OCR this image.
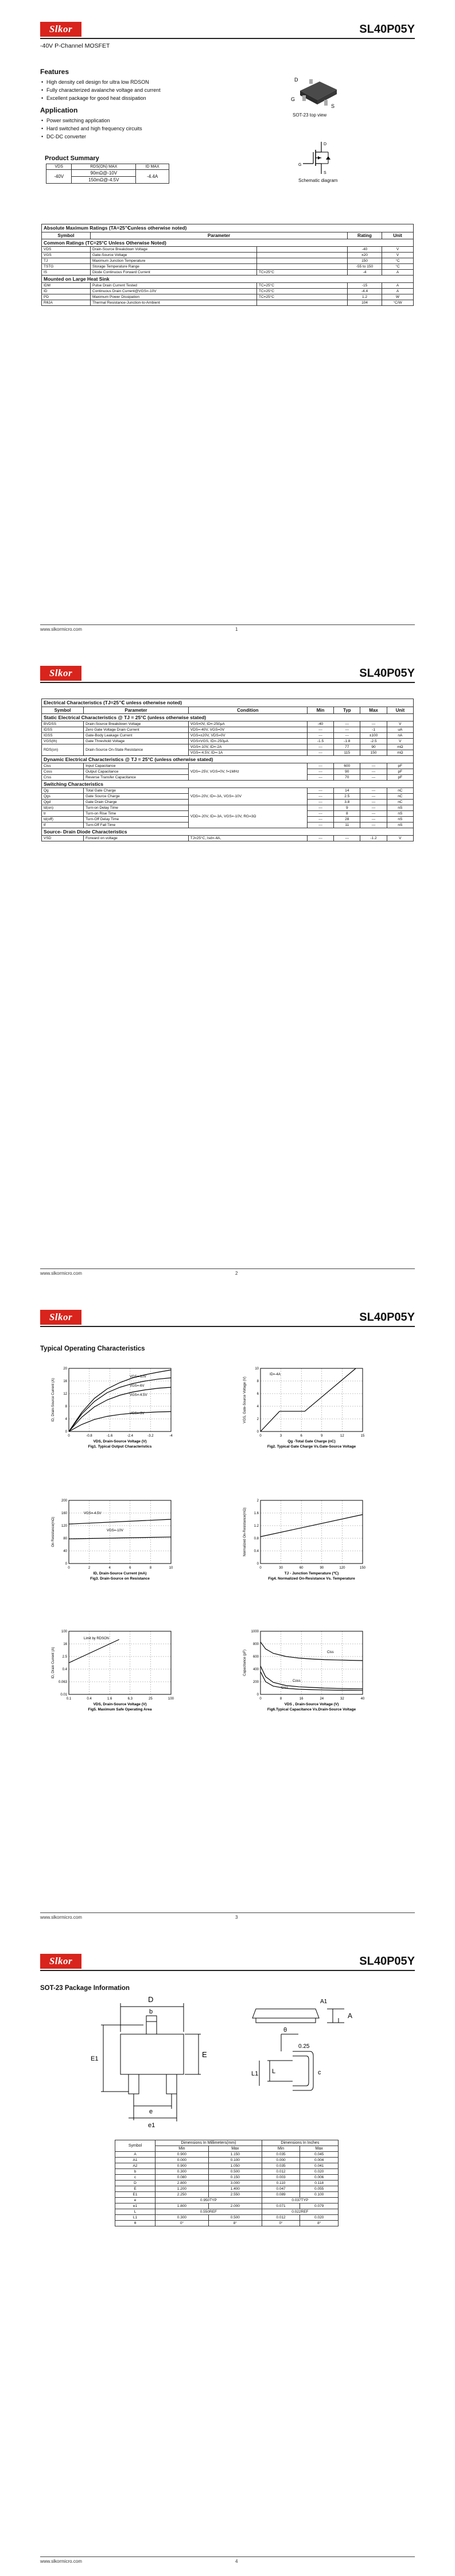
Slkor	SL40P05Y
-40V P-Channel MOSFET
Features
• High density cell design for ultra low RDSON
• Fully characterized avalanche voltage and current
• Excellent package for good heat dissipation
Application
• Power switching application
• Hard switched and high frequency circuits
• DC-DC converter
D
G
S
SOT-23 top view
D
G
S
Schematic diagram
Product Summary
VDS	RDS(ON) MAX	ID MAX
-40V	90mΩ@-10V	-4.4A
	150mΩ@-4.5V	
Absolute Maximum Ratings (TA=25℃unless otherwise noted)				
Symbol	Parameter		Rating	Unit
Common Ratings (TC=25°C Unless Otherwise Noted)				
VDS	Drain-Source Breakdown Voltage		-40	V
VGS	Gate-Source Voltage		±20	V
TJ	Maximum Junction Temperature		150	°C
TSTG	Storage Temperature Range		-55 to 150	°C
IS	Diode Continuous Forward Current	TC=25°C	-4	A
Mounted on Large Heat Sink				
IDM	Pulse Drain Current Tested	TC=25°C	-15	A
ID	Continuous Drain Current@VGS=-10V	TC=25°C	-4.4	A
PD	Maximum Power Dissipation	TC=25°C	1.2	W
RθJA	Thermal Resistance-Junction-to-Ambient		104	°C/W
www.slkormicro.com	1
Slkor	SL40P05Y
Electrical Characteristics (TJ=25℃ unless otherwise noted)						
Symbol	Parameter	Condition	Min	Typ	Max	Unit
Static Electrical Characteristics @ TJ = 25°C (unless otherwise stated)						
BVDSS	Drain-Source Breakdown Voltage	VGS=0V, ID=-250μA	-40	---	---	V
IDSS	Zero Gate Voltage Drain Current	VDS=-40V, VGS=0V	---	---	-1	uA
IGSS	Gate-Body Leakage Current	VGS=±20V, VDS=0V	---	---	±100	nA
VGS(th)	Gate Threshold Voltage	VGS=VGS, ID=-250μA	-1.5	-1.8	-2.5	V
RDS(on)	Drain-Source On-State Resistance	VGS=-10V, ID=-2A	---	77	90	mΩ
		VGS=-4.5V, ID=-1A	---	115	150	mΩ
Dynamic Electrical Characteristics @ TJ = 25°C (unless otherwise stated)						
Ciss	Input Capacitance	VDS=-25V, VGS=0V, f=1MHz	---	600	---	pF
Coss	Output Capacitance		---	90	---	pF
Crss	Reverse Transfer Capacitance		---	70	---	pF
Switching Characteristics						
Qg	Total Gate Charge	VDS=-20V, ID=-3A, VGS=-10V	---	14	---	nC
Qgs	Gate Source Charge		---	2.5	---	nC
Qgd	Gate Drain Charge		---	3.8	---	nC
td(on)	Turn-on Delay Time	VDD=-20V, ID=-3A, VGS=-10V, RG=3Ω	---	9	---	nS
tr	Turn-on Rise Time		---	8	---	nS
td(off)	Turn-Off Delay Time		---	28	---	nS
tf	Turn-Off Fall Time		---	11	---	nS
Source- Drain Diode Characteristics						
VSD	Forward on voltage	TJ=25°C, Isd=-4A,	---	---	-1.2	V
www.slkormicro.com	2
Slkor	SL40P05Y
Typical Operating Characteristics
0
20
-0.8
16
-1.6
12
-2.4
8
-3.2
4
-4
0
VDS, Drain-Source Voltage (V)
Fig1. Typical Output Characteristics
ID, Drain-Source Current (A)
VGS=-10V
VGS=-6V
VGS=-4.5V
VGS=-3V
0
10
3
8
6
6
9
4
12
2
15
0
Qg -Total Gate Charge (nC)
Fig2. Typical Gate Charge Vs.Gate-Source Voltage
VGS, Gate-Source Voltage (V)
ID=-4A
0
200
2
160
4
120
6
80
8
40
10
0
ID, Drain-Source Current (mA)
Fig3. Drain-Source on Resistance
On Resistance(mΩ)
VGS=-4.5V
VGS=-10V
0
2
30
1.6
60
1.2
90
0.8
120
0.4
150
0
TJ - Junction Temperature (℃)
Fig4. Normalized On-Resistance Vs. Temperature
Normalized On-Resistance(mΩ)
0.1
100
0.4
16
1.6
2.5
6.3
0.4
25
0.063
100
0.01
VDS, Drain-Source Voltage (V)
Fig5. Maximum Safe Operating Area
ID, Drain Current (A)
Limit by RDSON
0
1000
8
800
16
600
24
400
32
200
40
0
VDS , Drain-Source Voltage (V)
Fig6.Typical Capacitance Vs.Drain-Source Voltage
Capacitance (pF)	Ciss
Coss
Crss
www.slkormicro.com	3
Slkor	SL40P05Y
SOT-23 Package Information
D
b
E
E1
e
e1
A1
A
θ
0.25
L
L1	c
Symbol	Dimensions In Millimeters(mm)		Dimensions In Inches	
	Min	Max	Min	Max
A	0.900	1.150	0.035	0.045
A1	0.000	0.100	0.000	0.004
A2	0.900	1.050	0.035	0.041
b	0.300	0.500	0.012	0.020
c	0.080	0.150	0.003	0.006
D	2.800	3.000	0.110	0.118
E	1.200	1.400	0.047	0.055
E1	2.250	2.550	0.089	0.100
e	0.950TYP		0.037TYP	
e1	1.800	2.000	0.071	0.079
L	0.550REF		0.022REF	
L1	0.300	0.500	0.012	0.020
θ	0°	8°	0°	8°
www.slkormicro.com	4
